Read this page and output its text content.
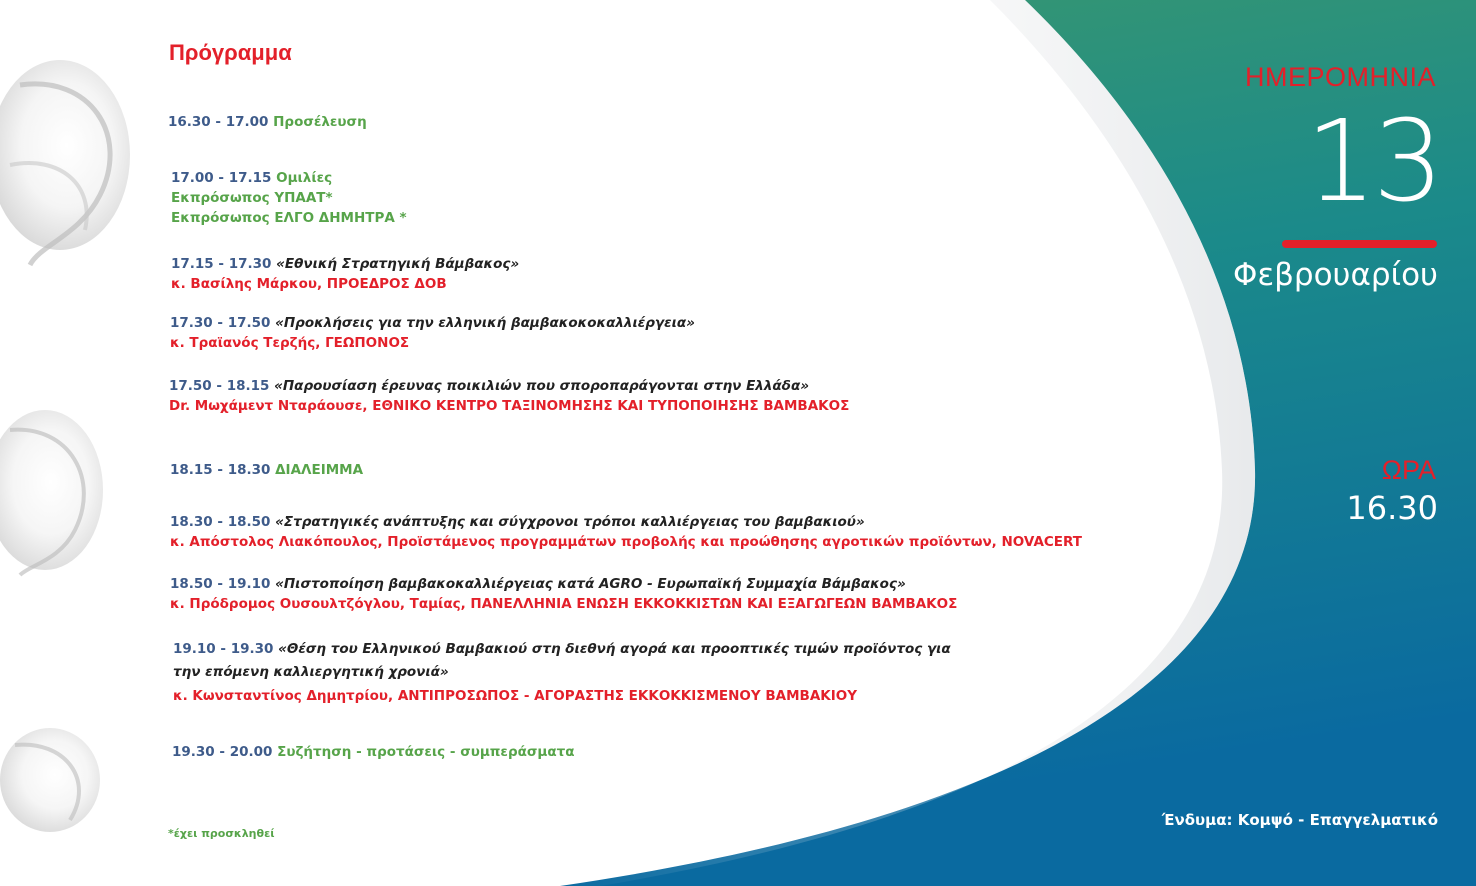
Πρόγραμμα
16.30 - 17.00 Προσέλευση
17.00 - 17.15 Ομιλίες
Εκπρόσωπος ΥΠΑΑΤ*
Εκπρόσωπος ΕΛΓΟ ΔΗΜΗΤΡΑ *
17.15 - 17.30 «Εθνική Στρατηγική Βάμβακος»
κ. Βασίλης Μάρκου, ΠΡΟΕΔΡΟΣ ΔΟΒ
17.30 - 17.50 «Προκλήσεις για την ελληνική βαμβακοκοκαλλιέργεια»
κ. Τραϊανός Τερζής, ΓΕΩΠΟΝΟΣ
17.50 - 18.15 «Παρουσίαση έρευνας ποικιλιών που σποροπαράγονται στην Ελλάδα»
Dr. Μωχάμεντ Νταράουσε, ΕΘΝΙΚΟ ΚΕΝΤΡΟ ΤΑΞΙΝΟΜΗΣΗΣ ΚΑΙ ΤΥΠΟΠΟΙΗΣΗΣ ΒΑΜΒΑΚΟΣ
18.15 - 18.30 ΔΙΑΛΕΙΜΜΑ
18.30 - 18.50 «Στρατηγικές ανάπτυξης και σύγχρονοι τρόποι καλλιέργειας του βαμβακιού»
κ. Απόστολος Λιακόπουλος, Προϊστάμενος προγραμμάτων προβολής και προώθησης αγροτικών προϊόντων, NOVACERT
18.50 - 19.10 «Πιστοποίηση βαμβακοκαλλιέργειας κατά AGRO - Ευρωπαϊκή Συμμαχία Βάμβακος»
κ. Πρόδρομος Ουσουλτζόγλου, Ταμίας, ΠΑΝΕΛΛΗΝΙΑ ΕΝΩΣΗ ΕΚΚΟΚΚΙΣΤΩΝ ΚΑΙ ΕΞΑΓΩΓΕΩΝ ΒΑΜΒΑΚΟΣ
19.10 - 19.30 «Θέση του Ελληνικού Βαμβακιού στη διεθνή αγορά και προοπτικές τιμών προϊόντος για την επόμενη καλλιεργητική χρονιά»
κ. Κωνσταντίνος Δημητρίου, ΑΝΤΙΠΡΟΣΩΠΟΣ - ΑΓΟΡΑΣΤΗΣ ΕΚΚΟΚΚΙΣΜΕΝΟΥ ΒΑΜΒΑΚΙΟΥ
19.30 - 20.00 Συζήτηση - προτάσεις - συμπεράσματα
*έχει προσκληθεί
ΗΜΕΡΟΜΗΝΙΑ
13
Φεβρουαρίου
ΩΡΑ
16.30
Ένδυμα: Κομψό - Επαγγελματικό
